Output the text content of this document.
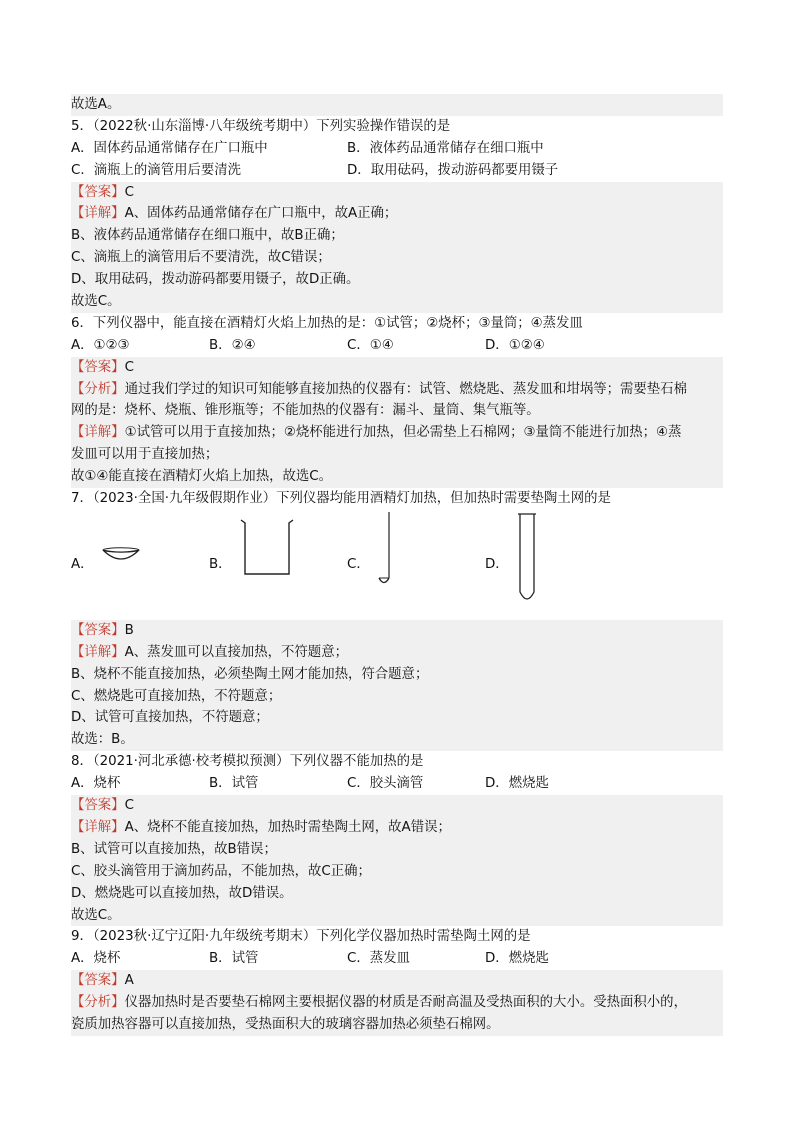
故选A。
5．（2022秋·山东淄博·八年级统考期中）下列实验操作错误的是
A．固体药品通常储存在广口瓶中	B．液体药品通常储存在细口瓶中
C．滴瓶上的滴管用后要清洗	D．取用砝码，拨动游码都要用镊子
【答案】C
【详解】A、固体药品通常储存在广口瓶中，故A正确；
B、液体药品通常储存在细口瓶中，故B正确；
C、滴瓶上的滴管用后不要清洗，故C错误；
D、取用砝码，拨动游码都要用镊子，故D正确。
故选C。
6．下列仪器中，能直接在酒精灯火焰上加热的是：①试管；②烧杯；③量筒；④蒸发皿
A．①②③	B．②④	C．①④	D．①②④
【答案】C
【分析】通过我们学过的知识可知能够直接加热的仪器有：试管、燃烧匙、蒸发皿和坩埚等；需要垫石棉
网的是：烧杯、烧瓶、锥形瓶等；不能加热的仪器有：漏斗、量筒、集气瓶等。
【详解】①试管可以用于直接加热；②烧杯能进行加热，但必需垫上石棉网；③量筒不能进行加热；④蒸
发皿可以用于直接加热；
故①④能直接在酒精灯火焰上加热，故选C。
7．（2023·全国·九年级假期作业）下列仪器均能用酒精灯加热，但加热时需要垫陶土网的是
A．	B．	C．	D．
【答案】B
【详解】A、蒸发皿可以直接加热，不符题意；
B、烧杯不能直接加热，必须垫陶土网才能加热，符合题意；
C、燃烧匙可直接加热，不符题意；
D、试管可直接加热，不符题意；
故选：B。
8．（2021·河北承德·校考模拟预测）下列仪器不能加热的是
A．烧杯	B．试管	C．胶头滴管	D．燃烧匙
【答案】C
【详解】A、烧杯不能直接加热，加热时需垫陶土网，故A错误；
B、试管可以直接加热，故B错误；
C、胶头滴管用于滴加药品，不能加热，故C正确；
D、燃烧匙可以直接加热，故D错误。
故选C。
9．（2023秋·辽宁辽阳·九年级统考期末）下列化学仪器加热时需垫陶土网的是
A．烧杯	B．试管	C．蒸发皿	D．燃烧匙
【答案】A
【分析】仪器加热时是否要垫石棉网主要根据仪器的材质是否耐高温及受热面积的大小。受热面积小的，
瓷质加热容器可以直接加热，受热面积大的玻璃容器加热必须垫石棉网。
